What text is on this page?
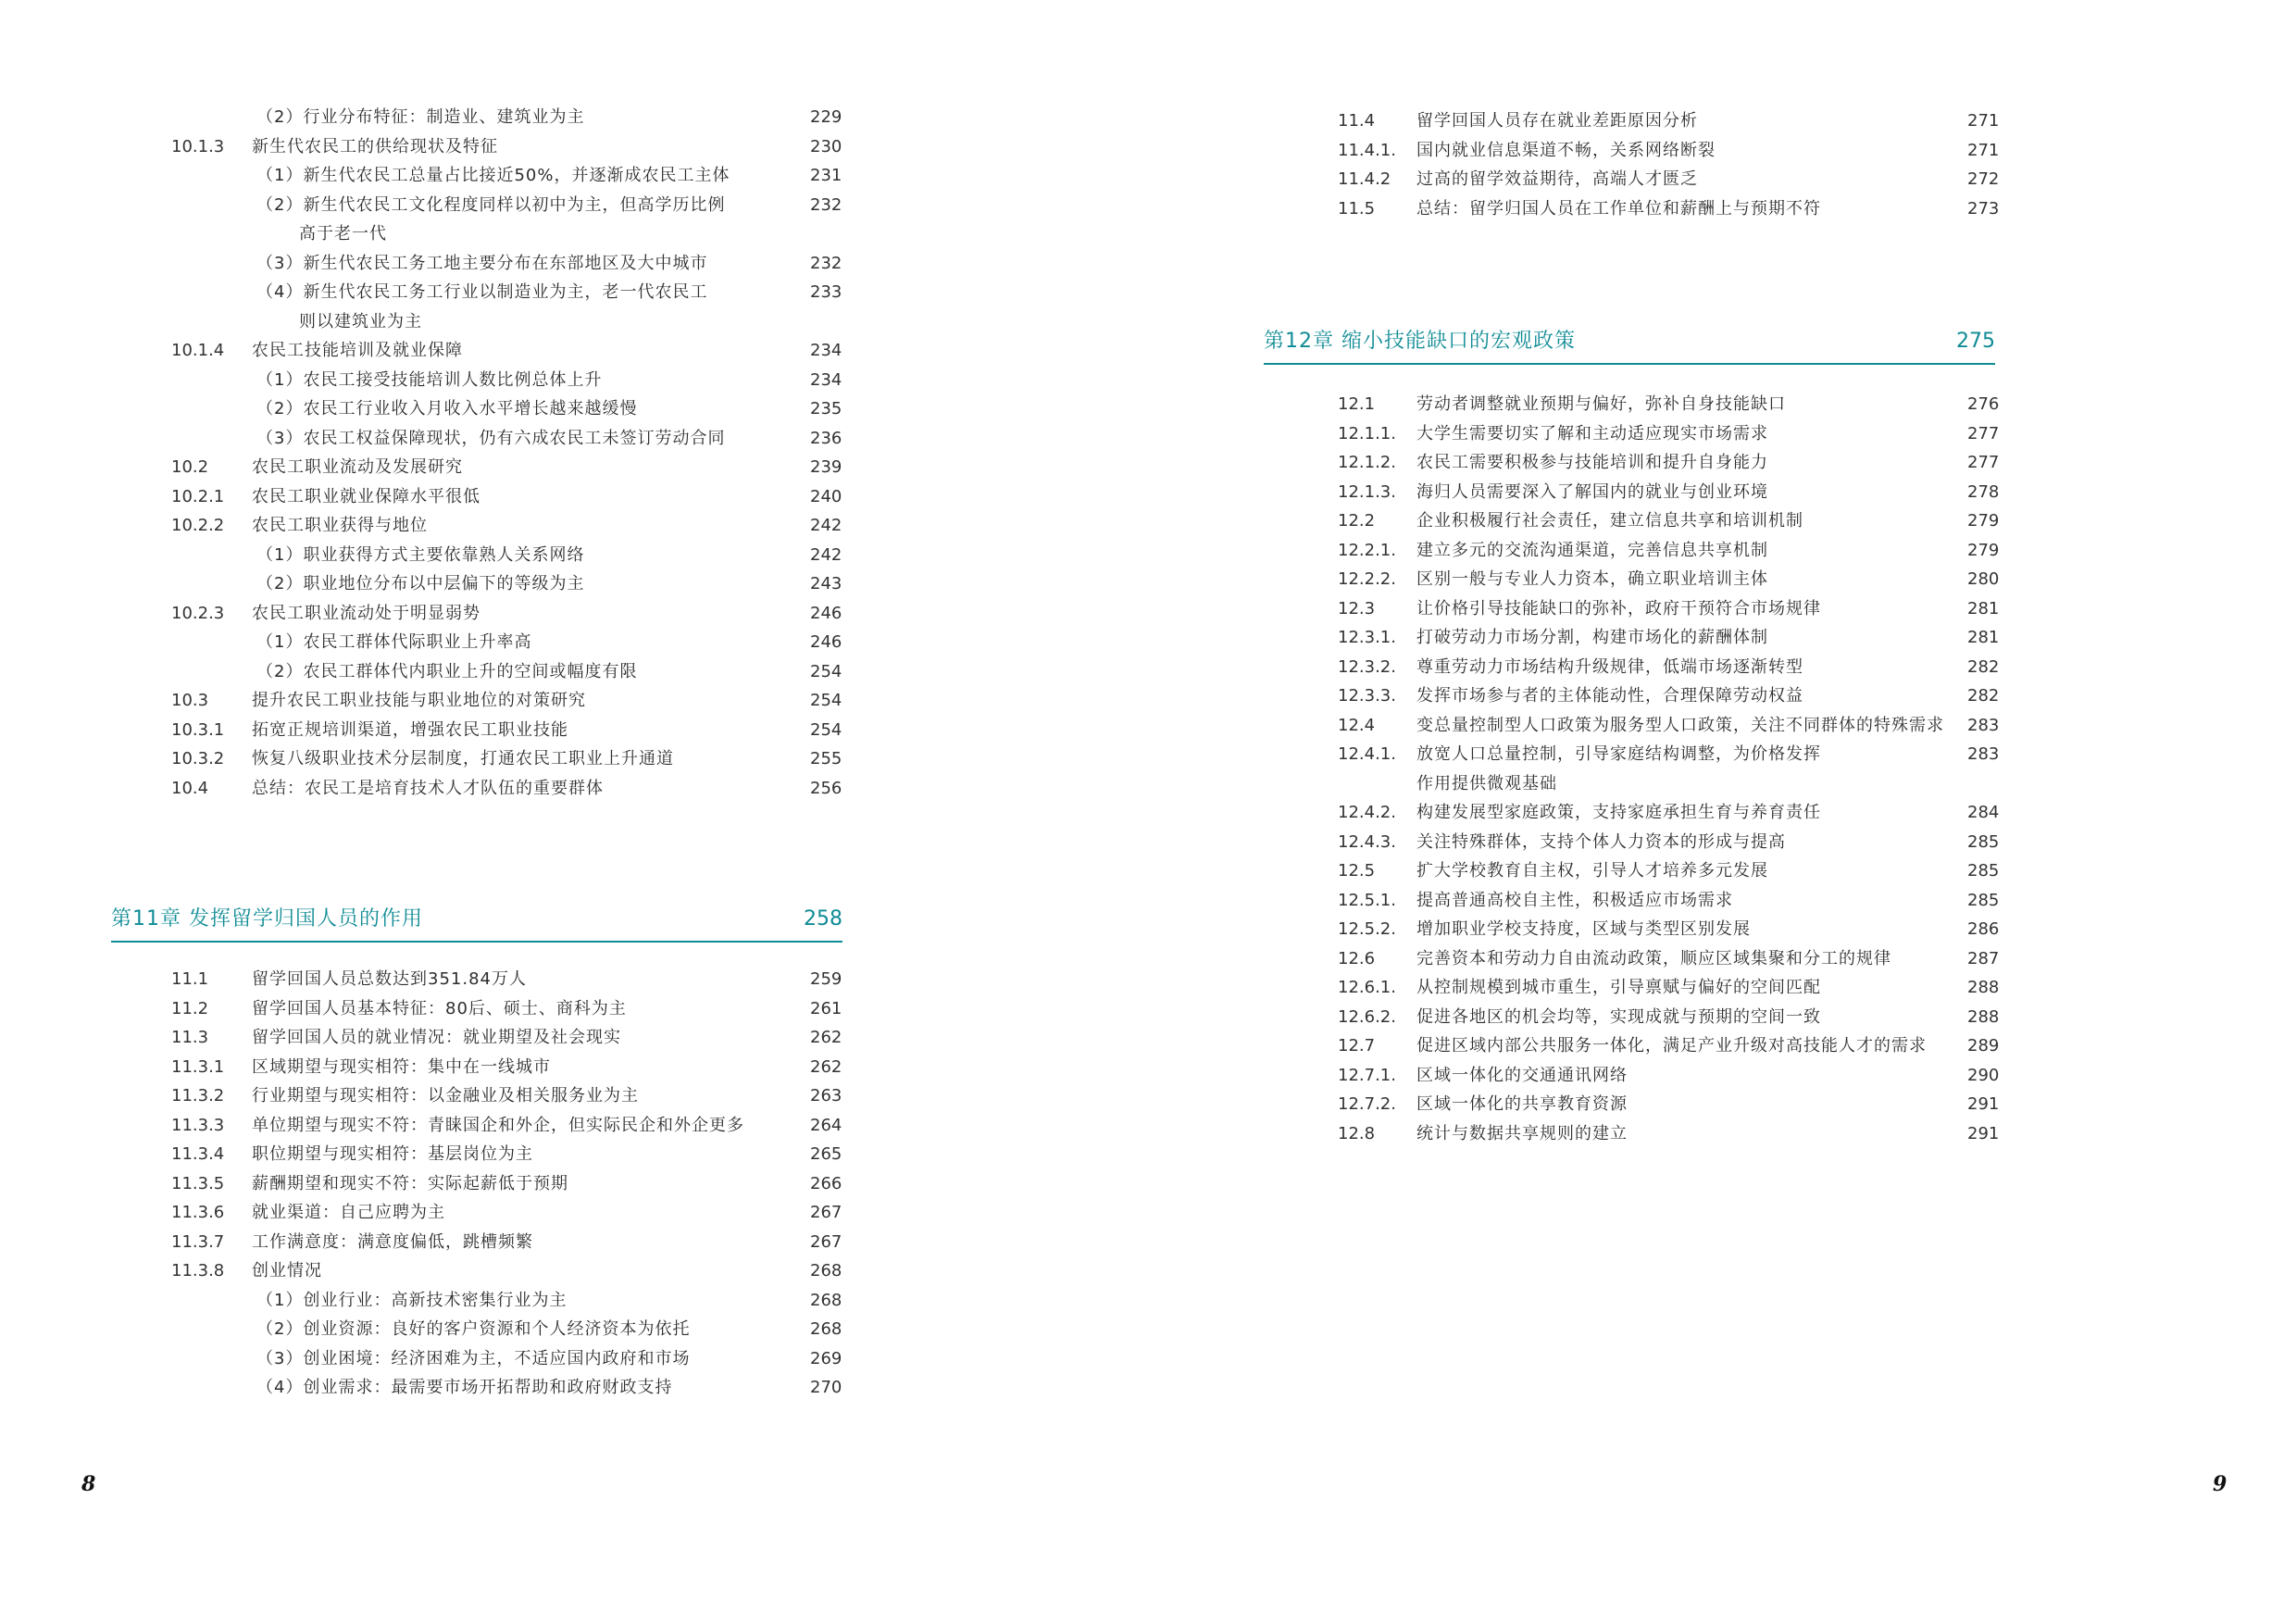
（2）行业分布特征：制造业、建筑业为主	229
10.1.3 新生代农民工的供给现状及特征	230
（1）新生代农民工总量占比接近50%，并逐渐成农民工主体	231
（2）新生代农民工文化程度同样以初中为主，但高学历比例	232
高于老一代
（3）新生代农民工务工地主要分布在东部地区及大中城市	232
（4）新生代农民工务工行业以制造业为主，老一代农民工	233
则以建筑业为主
10.1.4 农民工技能培训及就业保障	234
（1）农民工接受技能培训人数比例总体上升	234
（2）农民工行业收入月收入水平增长越来越缓慢	235
（3）农民工权益保障现状，仍有六成农民工未签订劳动合同	236
10.2	农民工职业流动及发展研究	239
10.2.1 农民工职业就业保障水平很低	240
10.2.2 农民工职业获得与地位	242
（1）职业获得方式主要依靠熟人关系网络	242
（2）职业地位分布以中层偏下的等级为主	243
10.2.3 农民工职业流动处于明显弱势	246
（1）农民工群体代际职业上升率高	246
（2）农民工群体代内职业上升的空间或幅度有限	254
10.3	提升农民工职业技能与职业地位的对策研究	254
10.3.1 拓宽正规培训渠道，增强农民工职业技能	254
10.3.2 恢复八级职业技术分层制度，打通农民工职业上升通道	255
10.4	总结：农民工是培育技术人才队伍的重要群体	256
第11章 发挥留学归国人员的作用	258
11.1	留学回国人员总数达到351.84万人	259
11.2	留学回国人员基本特征：80后、硕士、商科为主	261
11.3	留学回国人员的就业情况：就业期望及社会现实	262
11.3.1 区域期望与现实相符：集中在一线城市	262
11.3.2 行业期望与现实相符：以金融业及相关服务业为主	263
11.3.3 单位期望与现实不符：青睐国企和外企，但实际民企和外企更多	264
11.3.4 职位期望与现实相符：基层岗位为主	265
11.3.5 薪酬期望和现实不符：实际起薪低于预期	266
11.3.6 就业渠道：自己应聘为主	267
11.3.7 工作满意度：满意度偏低，跳槽频繁	267
11.3.8 创业情况	268
（1）创业行业：高新技术密集行业为主	268
（2）创业资源：良好的客户资源和个人经济资本为依托	268
（3）创业困境：经济困难为主，不适应国内政府和市场	269
（4）创业需求：最需要市场开拓帮助和政府财政支持	270
8
11.4 留学回国人员存在就业差距原因分析	271
11.4.1. 国内就业信息渠道不畅，关系网络断裂	271
11.4.2 过高的留学效益期待，高端人才匮乏	272
11.5 总结：留学归国人员在工作单位和薪酬上与预期不符	273
第12章 缩小技能缺口的宏观政策	275
12.1 劳动者调整就业预期与偏好，弥补自身技能缺口	276
12.1.1. 大学生需要切实了解和主动适应现实市场需求	277
12.1.2. 农民工需要积极参与技能培训和提升自身能力	277
12.1.3. 海归人员需要深入了解国内的就业与创业环境	278
12.2 企业积极履行社会责任，建立信息共享和培训机制	279
12.2.1. 建立多元的交流沟通渠道，完善信息共享机制	279
12.2.2. 区别一般与专业人力资本，确立职业培训主体	280
12.3 让价格引导技能缺口的弥补，政府干预符合市场规律	281
12.3.1. 打破劳动力市场分割，构建市场化的薪酬体制	281
12.3.2. 尊重劳动力市场结构升级规律，低端市场逐渐转型	282
12.3.3. 发挥市场参与者的主体能动性，合理保障劳动权益	282
12.4 变总量控制型人口政策为服务型人口政策，关注不同群体的特殊需求 283
12.4.1. 放宽人口总量控制，引导家庭结构调整，为价格发挥	283
作用提供微观基础
12.4.2. 构建发展型家庭政策，支持家庭承担生育与养育责任	284
12.4.3. 关注特殊群体，支持个体人力资本的形成与提高	285
12.5 扩大学校教育自主权，引导人才培养多元发展	285
12.5.1. 提高普通高校自主性，积极适应市场需求	285
12.5.2. 增加职业学校支持度，区域与类型区别发展	286
12.6 完善资本和劳动力自由流动政策，顺应区域集聚和分工的规律	287
12.6.1. 从控制规模到城市重生，引导禀赋与偏好的空间匹配	288
12.6.2. 促进各地区的机会均等，实现成就与预期的空间一致	288
12.7 促进区域内部公共服务一体化，满足产业升级对高技能人才的需求 289
12.7.1. 区域一体化的交通通讯网络	290
12.7.2. 区域一体化的共享教育资源	291
12.8 统计与数据共享规则的建立	291
9
